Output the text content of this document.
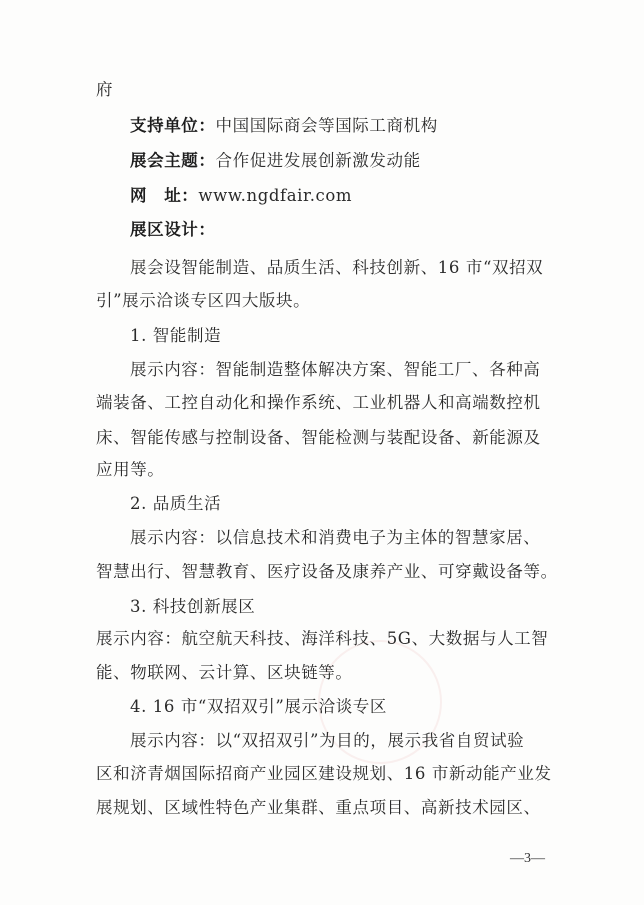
府
支持单位：中国国际商会等国际工商机构
展会主题：合作促进发展创新激发动能
网　址：www.ngdfair.com
展区设计：
展会设智能制造、品质生活、科技创新、16 市“双招双
引”展示洽谈专区四大版块。
1. 智能制造
展示内容：智能制造整体解决方案、智能工厂、各种高
端装备、工控自动化和操作系统、工业机器人和高端数控机
床、智能传感与控制设备、智能检测与装配设备、新能源及
应用等。
2. 品质生活
展示内容：以信息技术和消费电子为主体的智慧家居、
智慧出行、智慧教育、医疗设备及康养产业、可穿戴设备等。
3. 科技创新展区
展示内容：航空航天科技、海洋科技、5G、大数据与人工智
能、物联网、云计算、区块链等。
4. 16 市“双招双引”展示洽谈专区
展示内容：以“双招双引”为目的，展示我省自贸试验
区和济青烟国际招商产业园区建设规划、16 市新动能产业发
展规划、区域性特色产业集群、重点项目、高新技术园区、
—3—
